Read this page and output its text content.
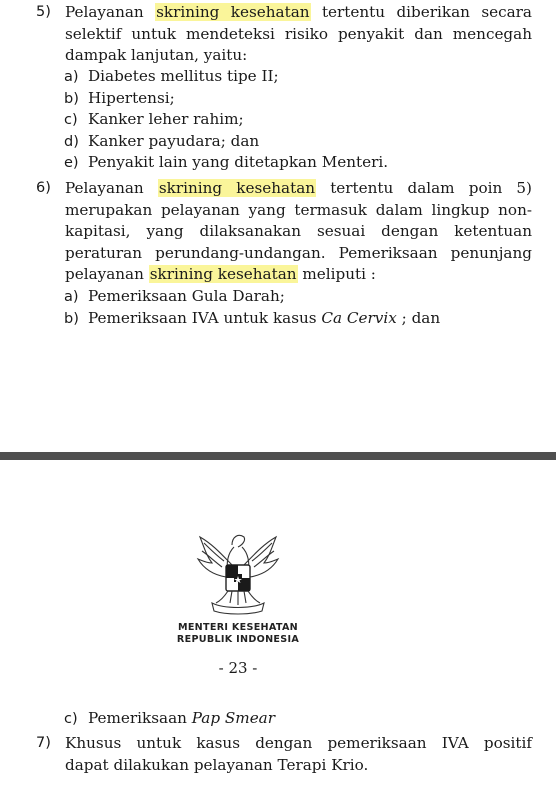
5) Pelayanan skrining kesehatan tertentu diberikan secara
selektif untuk mendeteksi risiko penyakit dan mencegah
dampak lanjutan, yaitu:
a) Diabetes mellitus tipe II;
b) Hipertensi;
c) Kanker leher rahim;
d) Kanker payudara; dan
e) Penyakit lain yang ditetapkan Menteri.
6) Pelayanan skrining kesehatan tertentu dalam poin 5)
merupakan pelayanan yang termasuk dalam lingkup non-
kapitasi, yang dilaksanakan sesuai dengan ketentuan
peraturan perundang-undangan. Pemeriksaan penunjang
pelayanan skrining kesehatan meliputi :
a) Pemeriksaan Gula Darah;
b) Pemeriksaan IVA untuk kasus Ca Cervix ; dan
MENTERI KESEHATAN
REPUBLIK INDONESIA
- 23 -
c) Pemeriksaan Pap Smear
7) Khusus untuk kasus dengan pemeriksaan IVA positif
dapat dilakukan pelayanan Terapi Krio.
